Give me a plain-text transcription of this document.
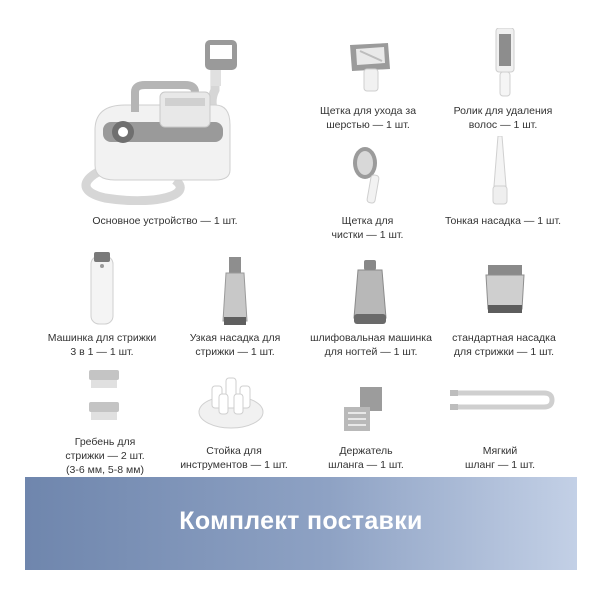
Основное устройство — 1 шт.
Щетка для ухода за
шерстью — 1 шт.
Ролик для удаления
волос — 1 шт.
Щетка для
чистки — 1 шт.
Тонкая насадка — 1 шт.
Машинка для стрижки
3 в 1 — 1 шт.
Узкая насадка для
стрижки — 1 шт.
шлифовальная машинка
для ногтей — 1 шт.
стандартная насадка
для стрижки — 1 шт.
Гребень для
стрижки — 2 шт.
(3-6 мм, 5-8 мм)
Стойка для
инструментов — 1 шт.
Держатель
шланга — 1 шт.
Мягкий
шланг — 1 шт.
Комплект поставки
